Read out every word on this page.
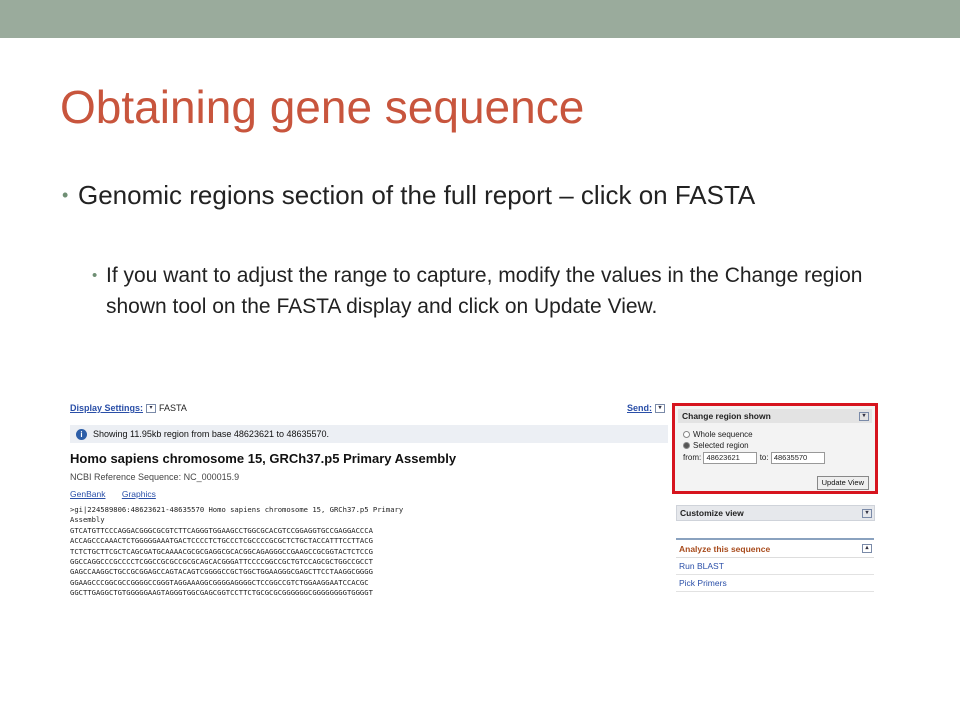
Obtaining gene sequence
• Genomic regions section of the full report – click on FASTA
• If you want to adjust the range to capture, modify the values in the Change region shown tool on the FASTA display and click on Update View.
Display Settings: ▾ FASTA	Send: ▾
i Showing 11.95kb region from base 48623621 to 48635570.
Homo sapiens chromosome 15, GRCh37.p5 Primary Assembly
NCBI Reference Sequence: NC_000015.9
GenBank Graphics
>gi|224589806:48623621-48635570 Homo sapiens chromosome 15, GRCh37.p5 Primary
Assembly
GTCATGTTCCCAGGACGGGCGCGTCTTCAGGGTGGAAGCCTGGCGCACGTCCGGAGGTGCCGAGGACCCA
ACCAGCCCAAACTCTGGGGGAAATGACTCCCCTCTGCCCTCGCCCCGCGCTCTGCTACCATTTCCTTACG
TCTCTGCTTCGCTCAGCGATGCAAAACGCGCGAGGCGCACGGCAGAGGGCCGAAGCCGCGGTACTCTCCG
GGCCAGGCCCGCCCCTCGGCCGCGCCGCGCAGCACGGGATTCCCCGGCCGCTGTCCAGCGCTGGCCGCCT
GAGCCAAGGCTGCCGCGGAGCCAGTACAGTCGGGGCCGCTGGCTGGAAGGGCGAGCTTCCTAAGGCGGGG
GGAAGCCCGGCGCCGGGGCCGGGTAGGAAAGGCGGGGAGGGGCTCCGGCCGTCTGGAAGGAATCCACGC
GGCTTGAGGCTGTGGGGGAAGTAGGGTGGCGAGCGGTCCTTCTGCGCGCGGGGGGCGGGGGGGGTGGGGT
Change region shown	▾
Whole sequence
Selected region
from: 48623621 to: 48635570
Update View
Customize view	▾
Analyze this sequence	▴
Run BLAST
Pick Primers
